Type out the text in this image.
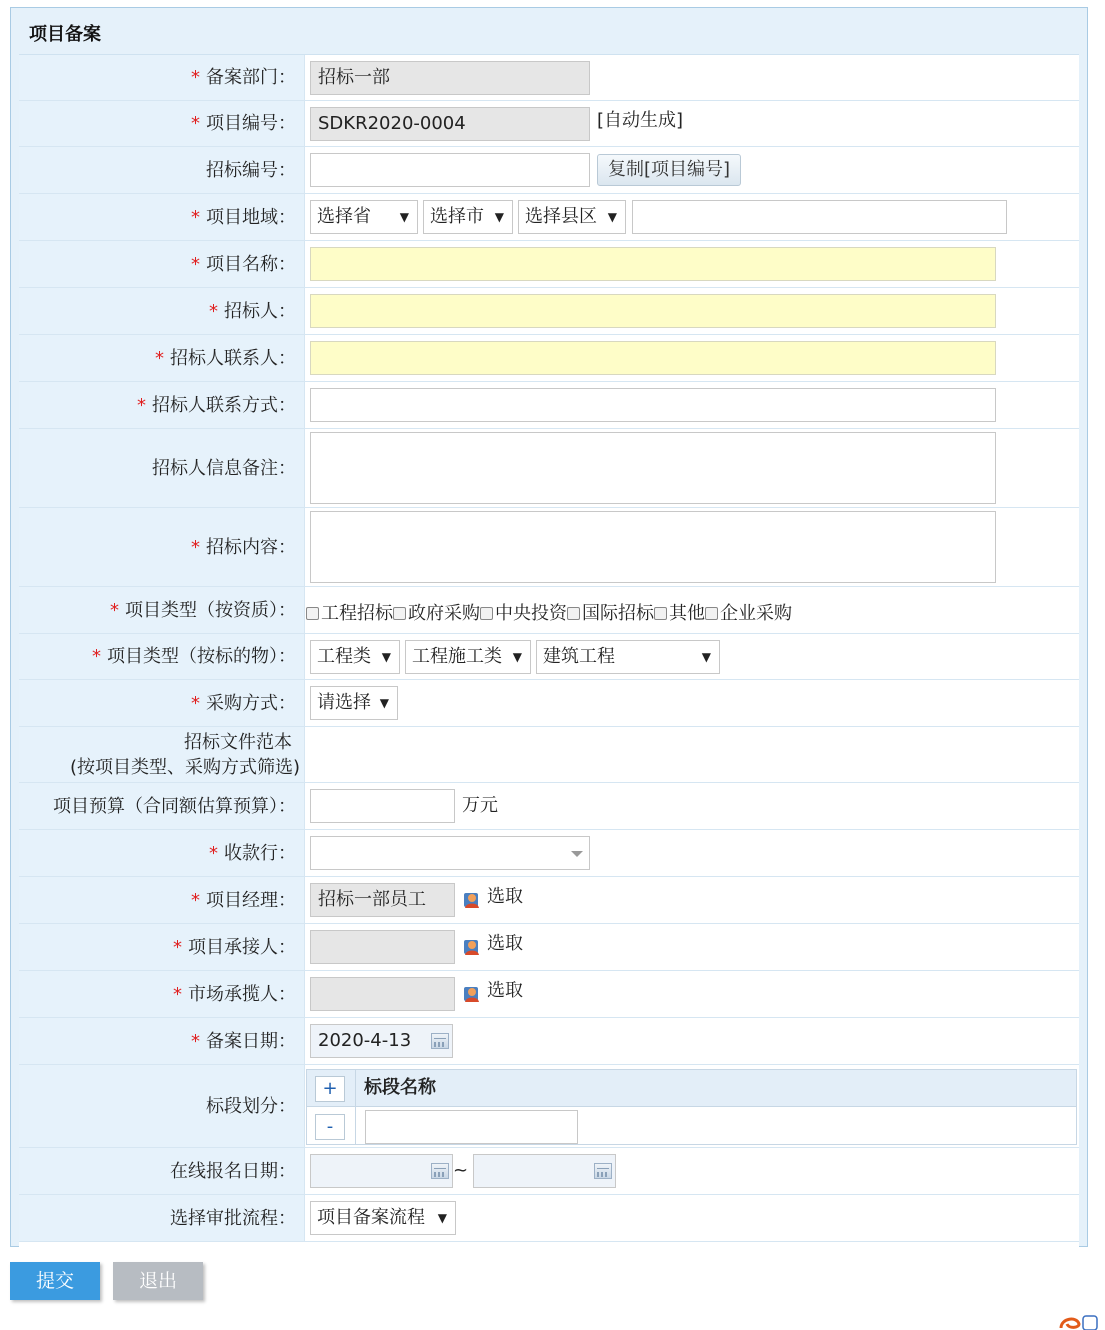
项目备案
* 备案部门：	招标一部
* 项目编号：	SDKR2020-0004	[自动生成]
招标编号：	复制[项目编号]
* 项目地域：	选择省 ▼	选择市 ▼	选择县区 ▼
* 项目名称：
* 招标人：
* 招标人联系人：
* 招标人联系方式：
招标人信息备注：
* 招标内容：
* 项目类型（按资质）：	工程招标 政府采购 中央投资 国际招标 其他 企业采购
* 项目类型（按标的物）：	工程类 ▼	工程施工类 ▼	建筑工程	▼
* 采购方式：	请选择 ▼
招标文件范本
(按项目类型、采购方式筛选)
项目预算（合同额估算预算）：	万元
* 收款行：
* 项目经理：	招标一部员工	选取
* 项目承接人：	选取
* 市场承揽人：	选取
* 备案日期：	2020-4-13
标段划分：
标段名称
+
-
在线报名日期：	~
选择审批流程：	项目备案流程 ▼
提交	退出
